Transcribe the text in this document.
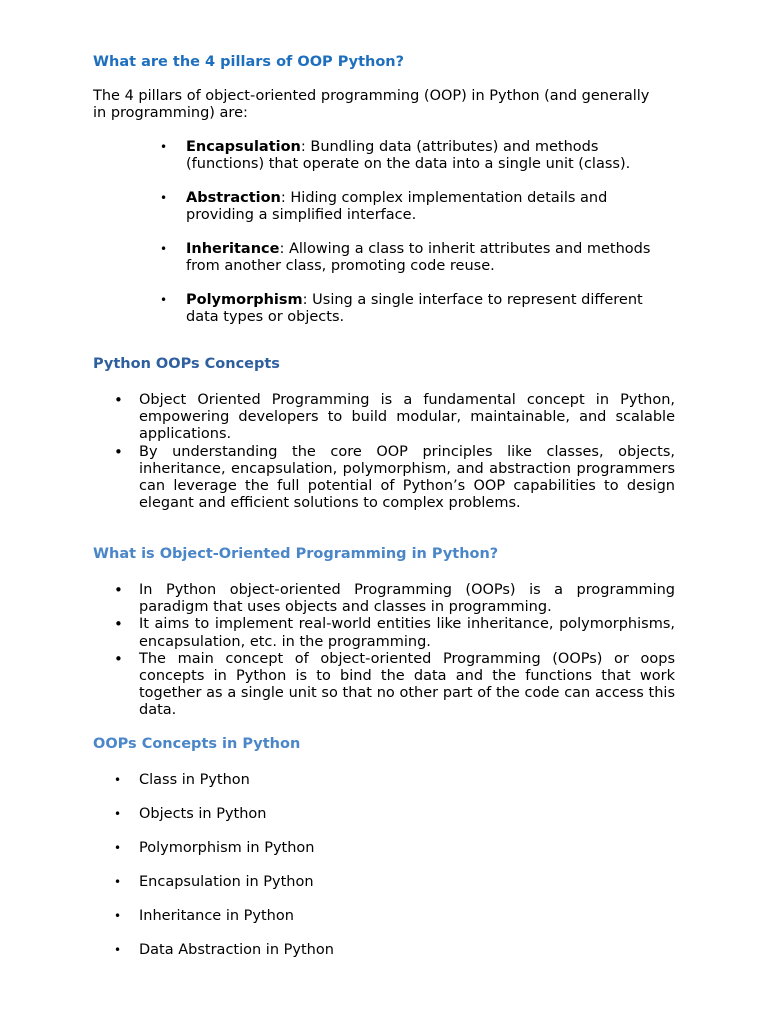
What are the 4 pillars of OOP Python?

The 4 pillars of object-oriented programming (OOP) in Python (and generally in programming) are:

• Encapsulation: Bundling data (attributes) and methods (functions) that operate on the data into a single unit (class).
• Abstraction: Hiding complex implementation details and providing a simplified interface.
• Inheritance: Allowing a class to inherit attributes and methods from another class, promoting code reuse.
• Polymorphism: Using a single interface to represent different data types or objects.
Python OOPs Concepts
• Object Oriented Programming is a fundamental concept in Python, empowering developers to build modular, maintainable, and scalable applications.
• By understanding the core OOP principles like classes, objects, inheritance, encapsulation, polymorphism, and abstraction programmers can leverage the full potential of Python’s OOP capabilities to design elegant and efficient solutions to complex problems.
What is Object-Oriented Programming in Python?
• In Python object-oriented Programming (OOPs) is a programming paradigm that uses objects and classes in programming.
• It aims to implement real-world entities like inheritance, polymorphisms, encapsulation, etc. in the programming.
• The main concept of object-oriented Programming (OOPs) or oops concepts in Python is to bind the data and the functions that work together as a single unit so that no other part of the code can access this data.
OOPs Concepts in Python
• Class in Python
• Objects in Python
• Polymorphism in Python
• Encapsulation in Python
• Inheritance in Python
• Data Abstraction in Python
